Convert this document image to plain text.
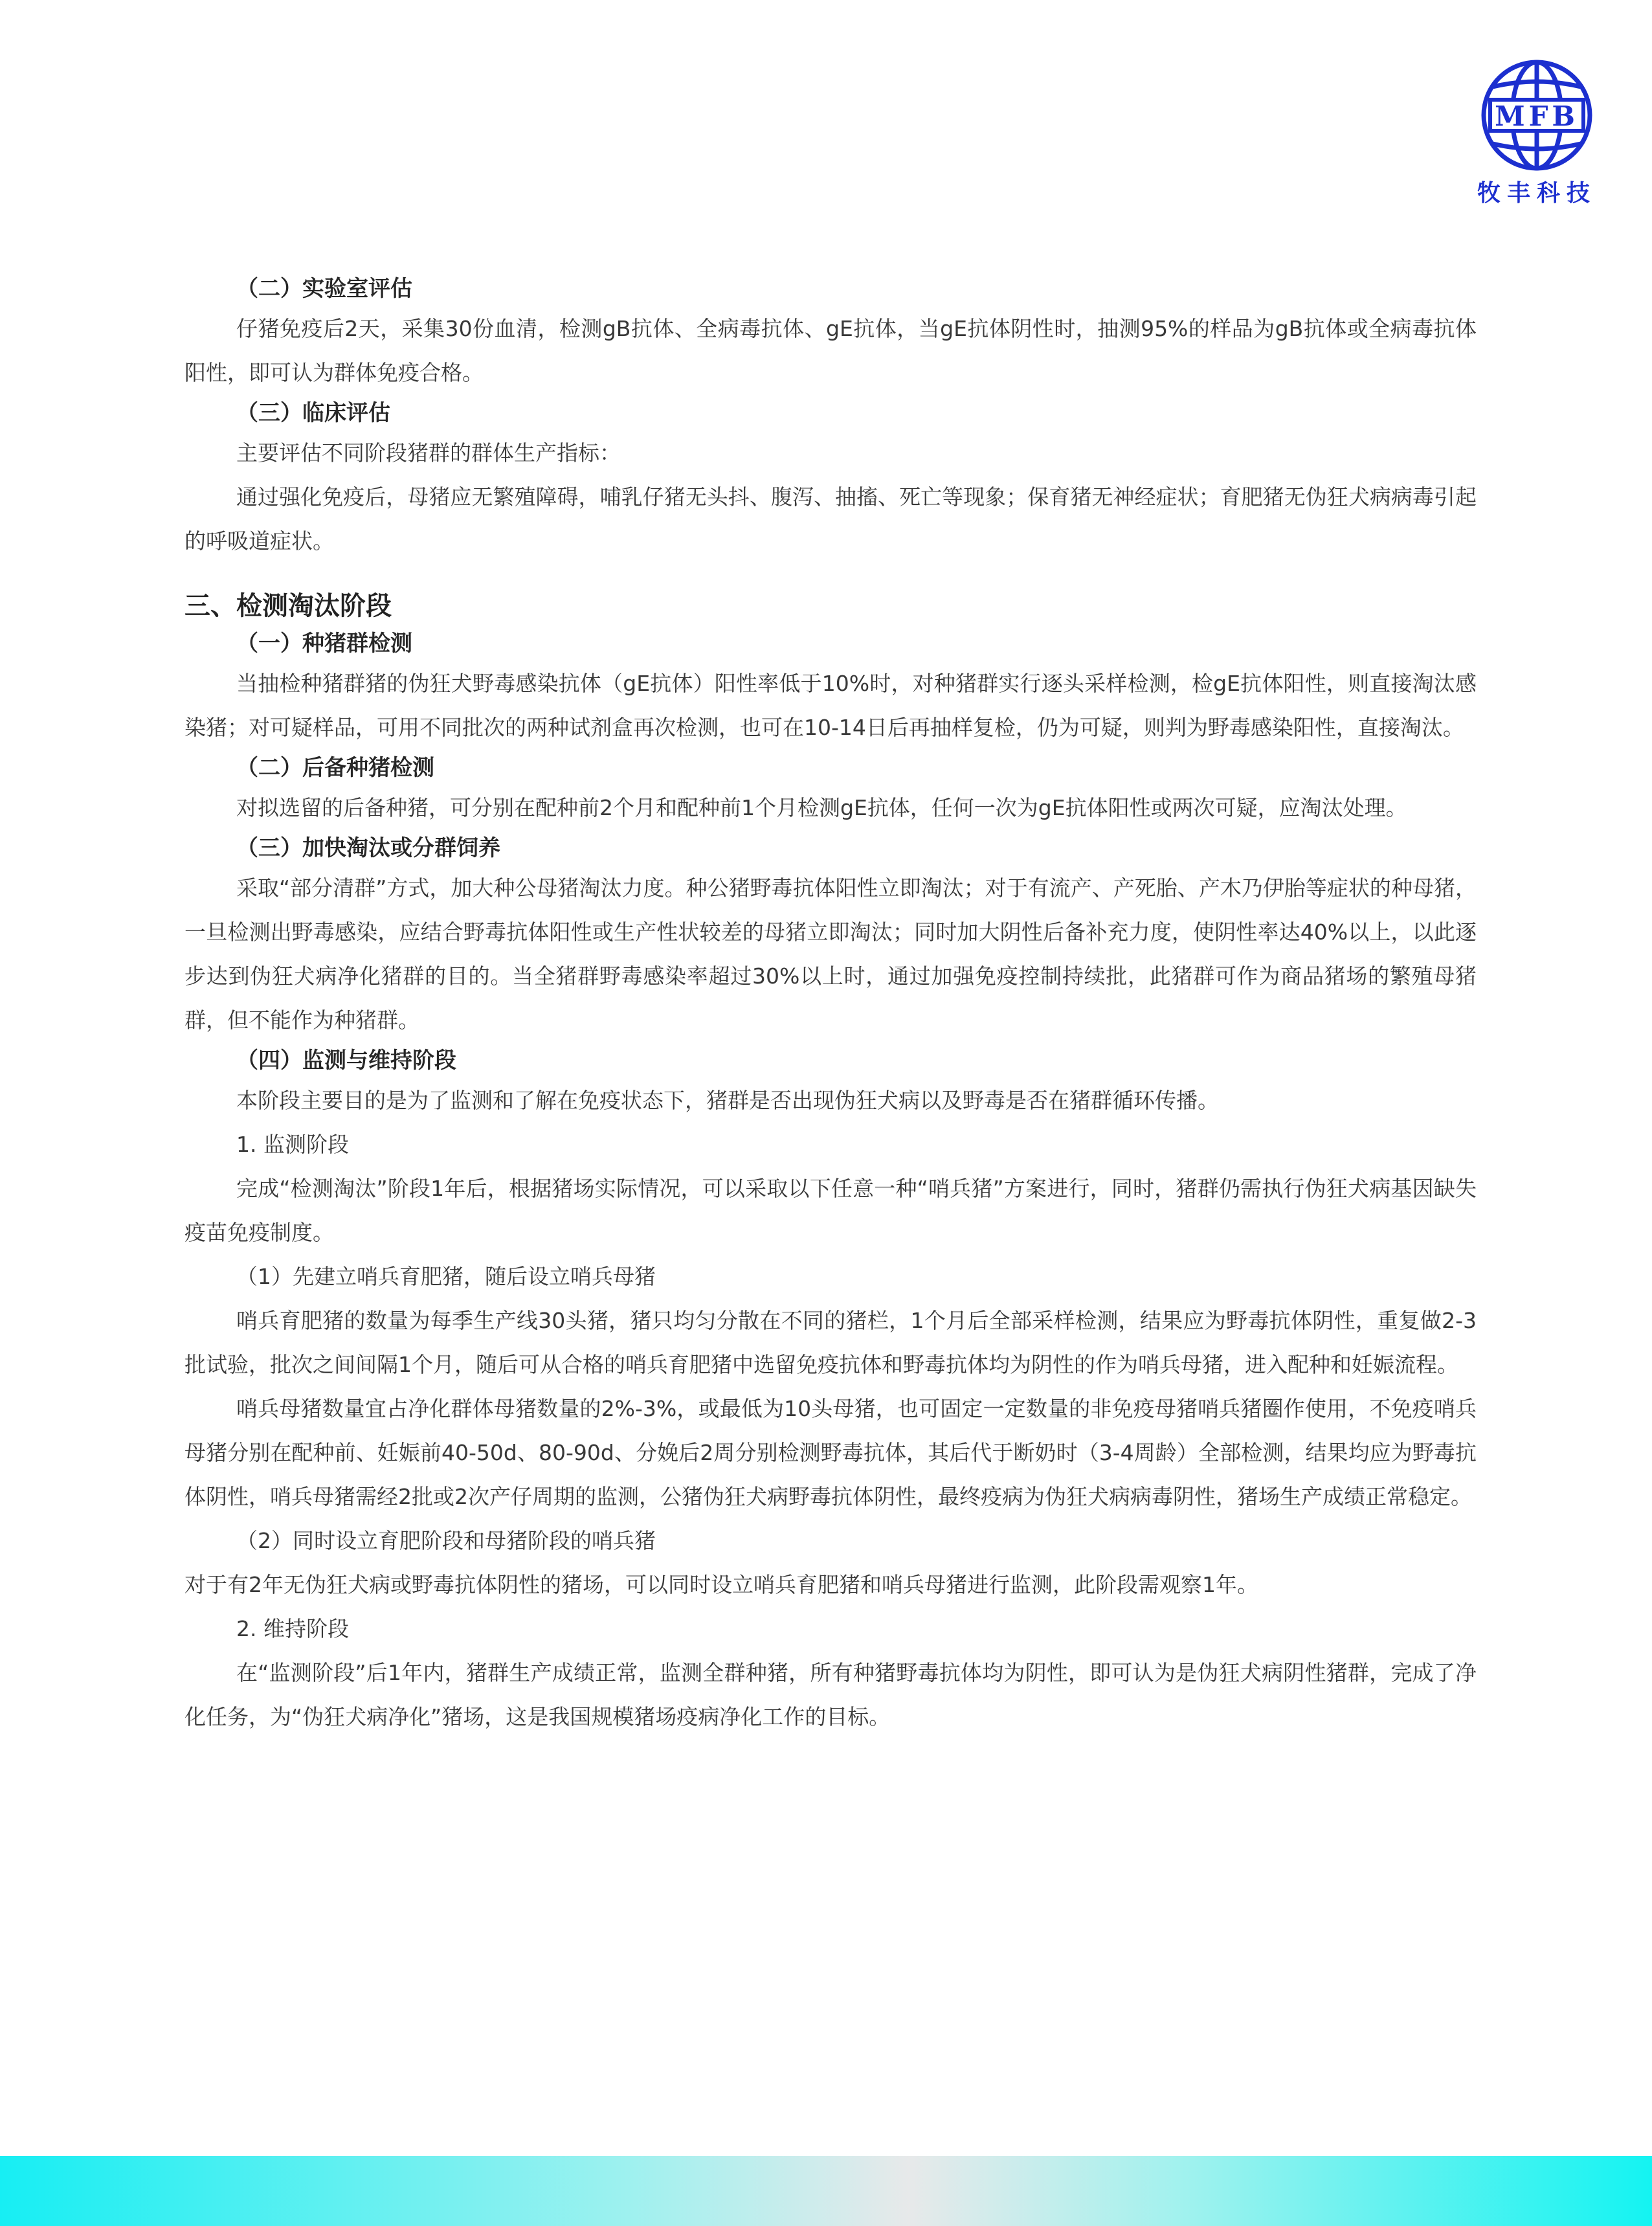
MFB
牧丰科技

（二）实验室评估

仔猪免疫后2天，采集30份血清，检测gB抗体、全病毒抗体、gE抗体，当gE抗体阴性时，抽测95%的样品为gB抗体或全病毒抗体阳性，即可认为群体免疫合格。

（三）临床评估

主要评估不同阶段猪群的群体生产指标：

通过强化免疫后，母猪应无繁殖障碍，哺乳仔猪无头抖、腹泻、抽搐、死亡等现象；保育猪无神经症状；育肥猪无伪狂犬病病毒引起的呼吸道症状。

三、检测淘汰阶段

（一）种猪群检测

当抽检种猪群猪的伪狂犬野毒感染抗体（gE抗体）阳性率低于10%时，对种猪群实行逐头采样检测，检gE抗体阳性，则直接淘汰感染猪；对可疑样品，可用不同批次的两种试剂盒再次检测，也可在10-14日后再抽样复检，仍为可疑，则判为野毒感染阳性，直接淘汰。

（二）后备种猪检测

对拟选留的后备种猪，可分别在配种前2个月和配种前1个月检测gE抗体，任何一次为gE抗体阳性或两次可疑，应淘汰处理。

（三）加快淘汰或分群饲养

采取“部分清群”方式，加大种公母猪淘汰力度。种公猪野毒抗体阳性立即淘汰；对于有流产、产死胎、产木乃伊胎等症状的种母猪，一旦检测出野毒感染，应结合野毒抗体阳性或生产性状较差的母猪立即淘汰；同时加大阴性后备补充力度，使阴性率达40%以上，以此逐步达到伪狂犬病净化猪群的目的。当全猪群野毒感染率超过30%以上时，通过加强免疫控制持续批，此猪群可作为商品猪场的繁殖母猪群，但不能作为种猪群。

（四）监测与维持阶段

本阶段主要目的是为了监测和了解在免疫状态下，猪群是否出现伪狂犬病以及野毒是否在猪群循环传播。

1. 监测阶段

完成“检测淘汰”阶段1年后，根据猪场实际情况，可以采取以下任意一种“哨兵猪”方案进行，同时，猪群仍需执行伪狂犬病基因缺失疫苗免疫制度。

（1）先建立哨兵育肥猪，随后设立哨兵母猪

哨兵育肥猪的数量为每季生产线30头猪，猪只均匀分散在不同的猪栏，1个月后全部采样检测，结果应为野毒抗体阴性，重复做2-3批试验，批次之间间隔1个月，随后可从合格的哨兵育肥猪中选留免疫抗体和野毒抗体均为阴性的作为哨兵母猪，进入配种和妊娠流程。

哨兵母猪数量宜占净化群体母猪数量的2%-3%，或最低为10头母猪，也可固定一定数量的非免疫母猪哨兵猪圈作使用，不免疫哨兵母猪分别在配种前、妊娠前40-50d、80-90d、分娩后2周分别检测野毒抗体，其后代于断奶时（3-4周龄）全部检测，结果均应为野毒抗体阴性，哨兵母猪需经2批或2次产仔周期的监测，公猪伪狂犬病野毒抗体阴性，最终疫病为伪狂犬病病毒阴性，猪场生产成绩正常稳定。

（2）同时设立育肥阶段和母猪阶段的哨兵猪

对于有2年无伪狂犬病或野毒抗体阴性的猪场，可以同时设立哨兵育肥猪和哨兵母猪进行监测，此阶段需观察1年。

2. 维持阶段

在“监测阶段”后1年内，猪群生产成绩正常，监测全群种猪，所有种猪野毒抗体均为阴性，即可认为是伪狂犬病阴性猪群，完成了净化任务，为“伪狂犬病净化”猪场，这是我国规模猪场疫病净化工作的目标。
